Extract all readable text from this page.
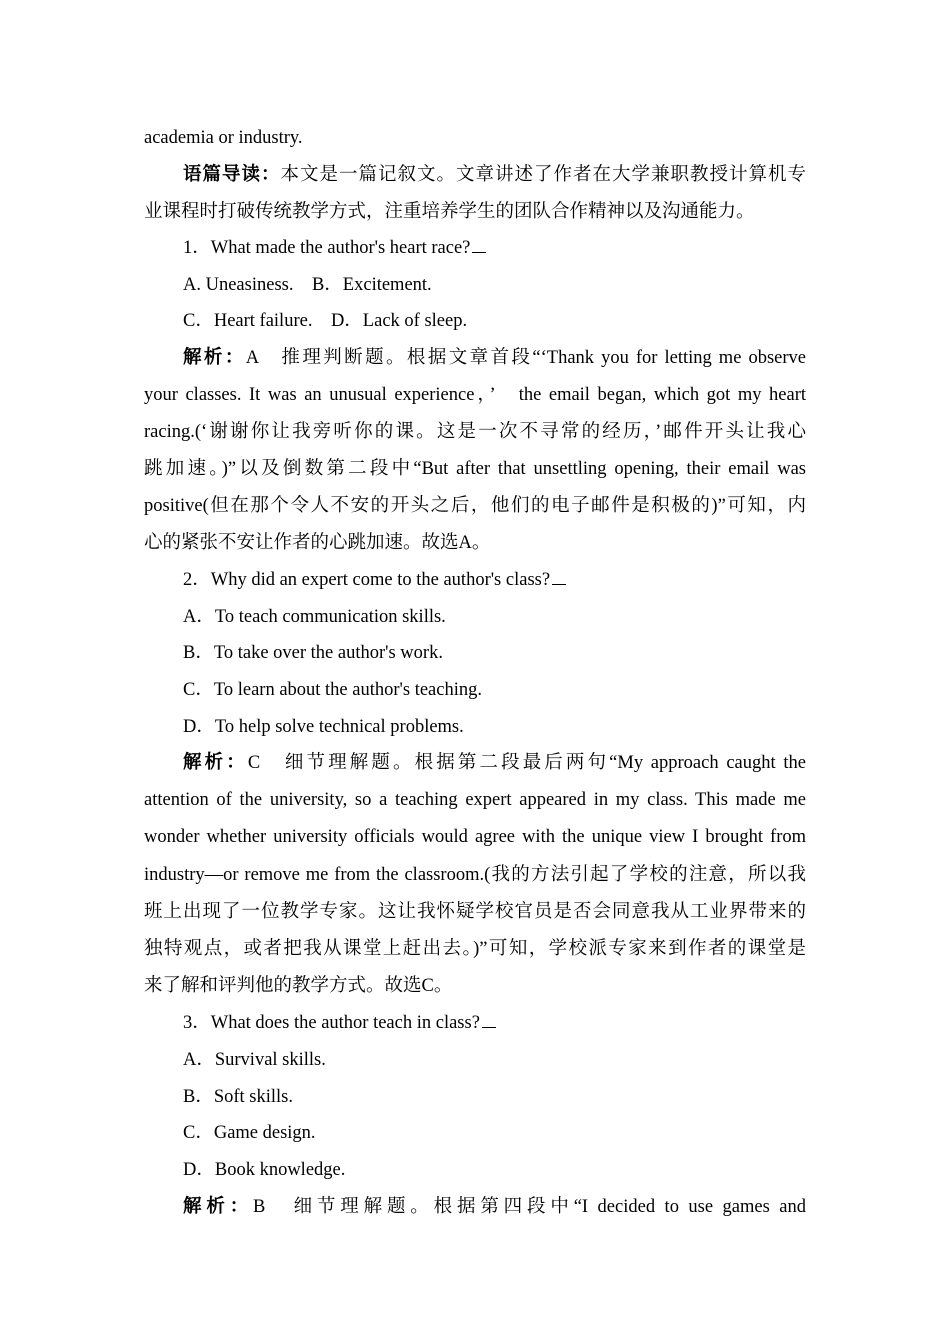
academia or industry.
语篇导读：本文是一篇记叙文。文章讲述了作者在大学兼职教授计算机专
业课程时打破传统教学方式，注重培养学生的团队合作精神以及沟通能力。
1．What made the author's heart race?
A. Uneasiness.　B．Excitement.
C．Heart failure.　D．Lack of sleep.
解析：A　推理判断题。根据文章首段“‘Thank you for letting me observe
your classes. It was an unusual experience，’　the email began, which got my heart
racing.(‘谢谢你让我旁听你的课。这是一次不寻常的经历，’邮件开头让我心
跳加速。)”以及倒数第二段中“But after that unsettling opening, their email was
positive(但在那个令人不安的开头之后，他们的电子邮件是积极的)”可知，内
心的紧张不安让作者的心跳加速。故选A。
2．Why did an expert come to the author's class?
A．To teach communication skills.
B．To take over the author's work.
C．To learn about the author's teaching.
D．To help solve technical problems.
解析：C　细节理解题。根据第二段最后两句“My approach caught the
attention of the university, so a teaching expert appeared in my class. This made me
wonder whether university officials would agree with the unique view I brought from
industry—or remove me from the classroom.(我的方法引起了学校的注意，所以我
班上出现了一位教学专家。这让我怀疑学校官员是否会同意我从工业界带来的
独特观点，或者把我从课堂上赶出去。)”可知，学校派专家来到作者的课堂是
来了解和评判他的教学方式。故选C。
3．What does the author teach in class?
A．Survival skills.
B．Soft skills.
C．Game design.
D．Book knowledge.
解析：B　细节理解题。根据第四段中“I decided to use games and
